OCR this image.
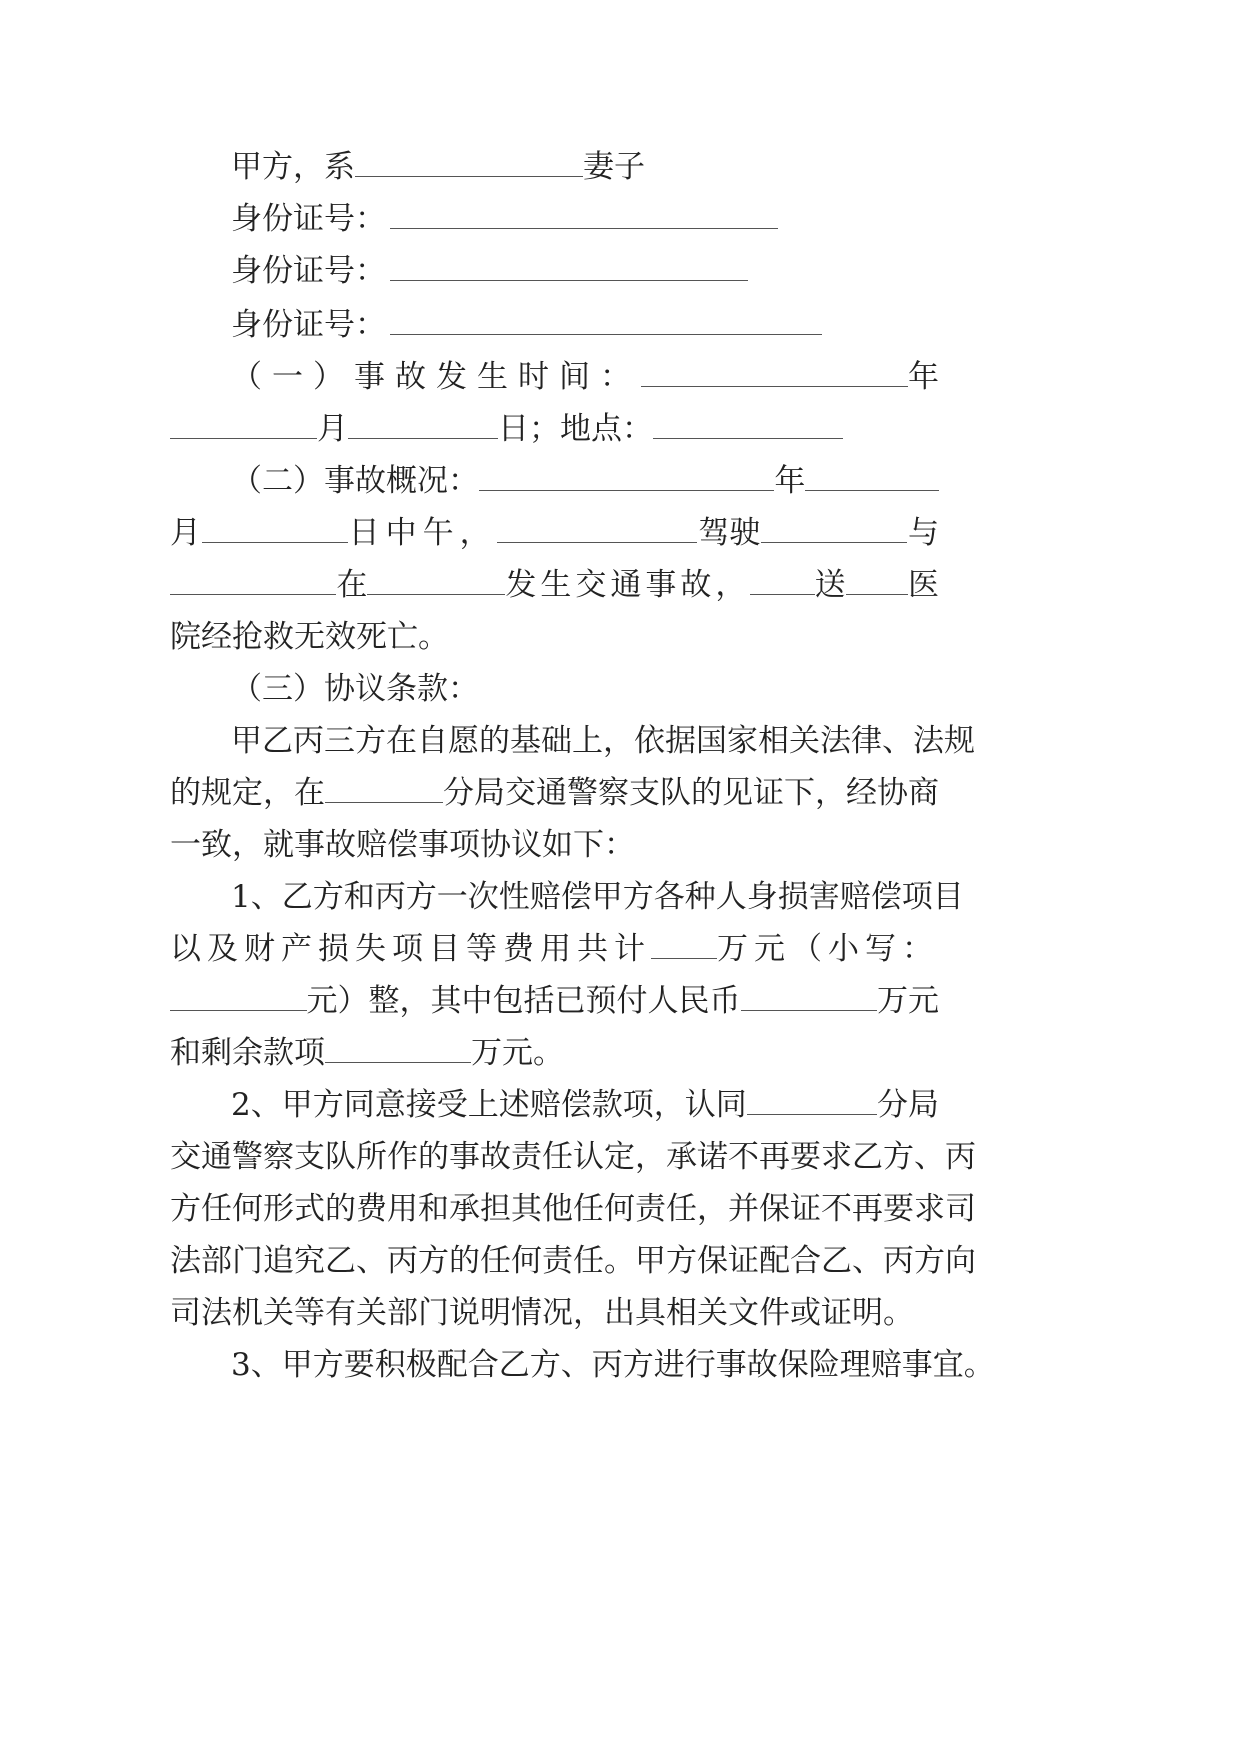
甲方，系	妻子
身份证号：
身份证号：
身份证号：
（一）事故发生时间：	年
月	日；地点：
（二）事故概况：	年
月	日中午，	驾驶	与
在	发生交通事故， 送 医
院经抢救无效死亡。
（三）协议条款：
甲乙丙三方在自愿的基础上，依据国家相关法律、法规
的规定，在	分局交通警察支队的见证下，经协商
一致，就事故赔偿事项协议如下：
1、乙方和丙方一次性赔偿甲方各种人身损害赔偿项目
以及财产损失项目等费用共计 万元（小写：
元）整，其中包括已预付人民币	万元
和剩余款项	万元。
2、甲方同意接受上述赔偿款项，认同	分局
交通警察支队所作的事故责任认定，承诺不再要求乙方、丙
方任何形式的费用和承担其他任何责任，并保证不再要求司
法部门追究乙、丙方的任何责任。甲方保证配合乙、丙方向
司法机关等有关部门说明情况，出具相关文件或证明。
3、甲方要积极配合乙方、丙方进行事故保险理赔事宜。
